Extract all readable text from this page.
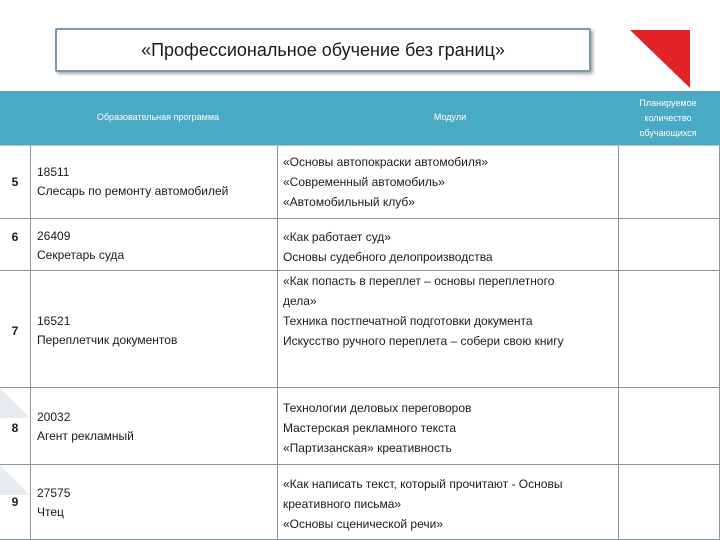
«Профессиональное обучение без границ»
Образовательная программа	Модули
Планируемое
количество
обучающихся
5
18511
Слесарь по ремонту автомобилей
«Основы автопокраски автомобиля»
«Современный автомобиль»
«Автомобильный клуб»
6	26409
Секретарь суда
«Как работает суд»
Основы судебного делопроизводства
7
16521
Переплетчик документов
«Как попасть в переплет – основы переплетного
дела»
Техника постпечатной подготовки документа
Искусство ручного переплета – собери свою книгу
8
20032
Агент рекламный
Технологии деловых переговоров
Мастерская рекламного текста
«Партизанская» креативность
9
27575
Чтец
«Как написать текст, который прочитают - Основы
креативного письма»
«Основы сценической речи»
